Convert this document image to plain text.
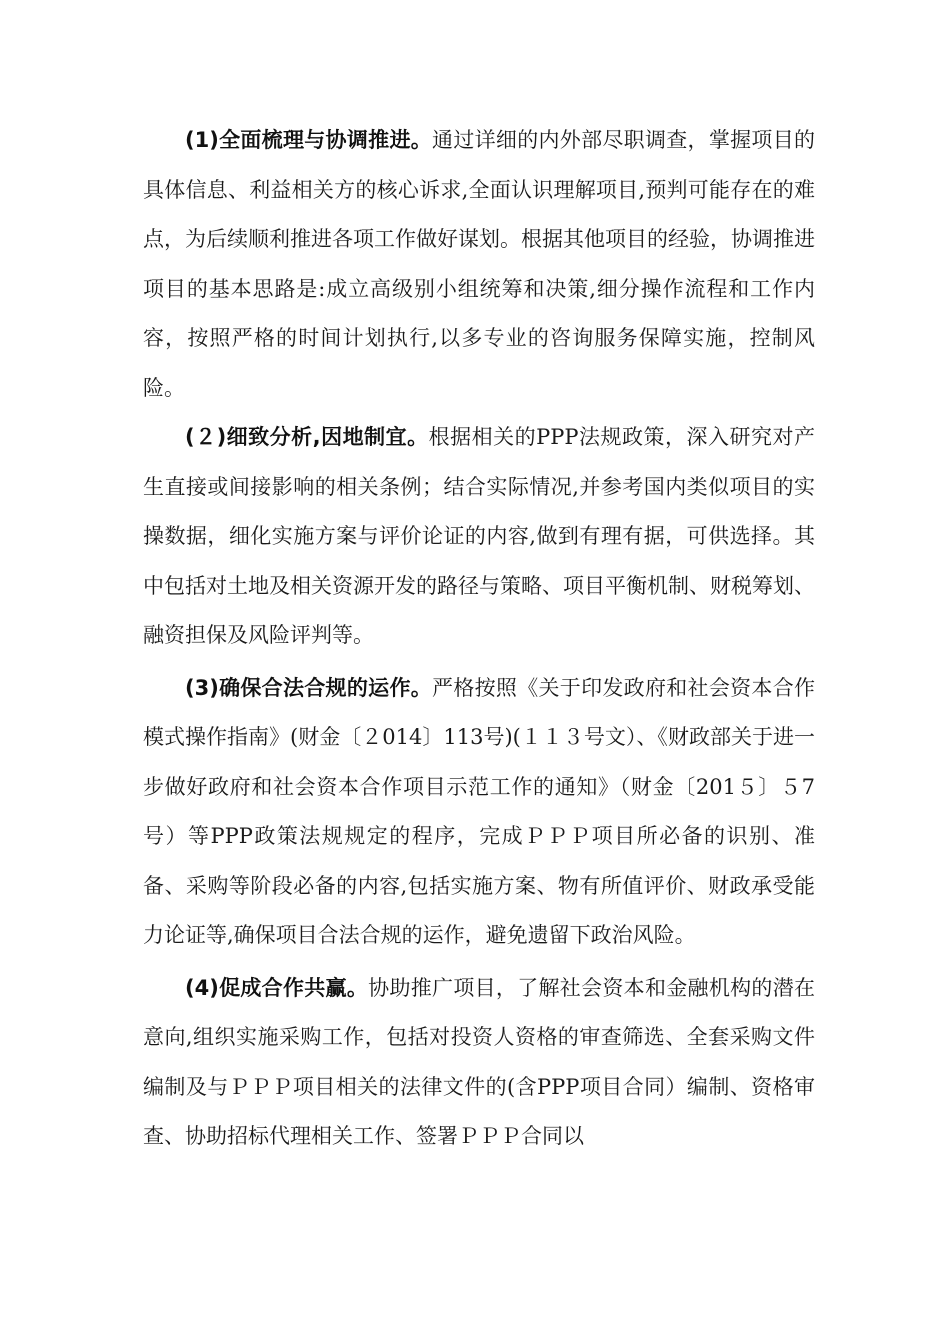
(1)全面梳理与协调推进。通过详细的内外部尽职调查，掌握项目的具体信息、利益相关方的核心诉求,全面认识理解项目,预判可能存在的难点，为后续顺利推进各项工作做好谋划。根据其他项目的经验，协调推进项目的基本思路是:成立高级别小组统筹和决策,细分操作流程和工作内容，按照严格的时间计划执行,以多专业的咨询服务保障实施，控制风险。

(２)细致分析,因地制宜。根据相关的PPP法规政策，深入研究对产生直接或间接影响的相关条例；结合实际情况,并参考国内类似项目的实操数据，细化实施方案与评价论证的内容,做到有理有据，可供选择。其中包括对土地及相关资源开发的路径与策略、项目平衡机制、财税筹划、融资担保及风险评判等。

(3)确保合法合规的运作。严格按照《关于印发政府和社会资本合作模式操作指南》(财金〔２014〕113号)(１１３号文）、《财政部关于进一步做好政府和社会资本合作项目示范工作的通知》（财金〔201５〕５7号）等PPP政策法规规定的程序，完成ＰＰＰ项目所必备的识别、准备、采购等阶段必备的内容,包括实施方案、物有所值评价、财政承受能力论证等,确保项目合法合规的运作，避免遗留下政治风险。

(4)促成合作共赢。协助推广项目，了解社会资本和金融机构的潜在意向,组织实施采购工作，包括对投资人资格的审查筛选、全套采购文件编制及与ＰＰＰ项目相关的法律文件的(含PPP项目合同）编制、资格审查、协助招标代理相关工作、签署ＰＰＰ合同以
